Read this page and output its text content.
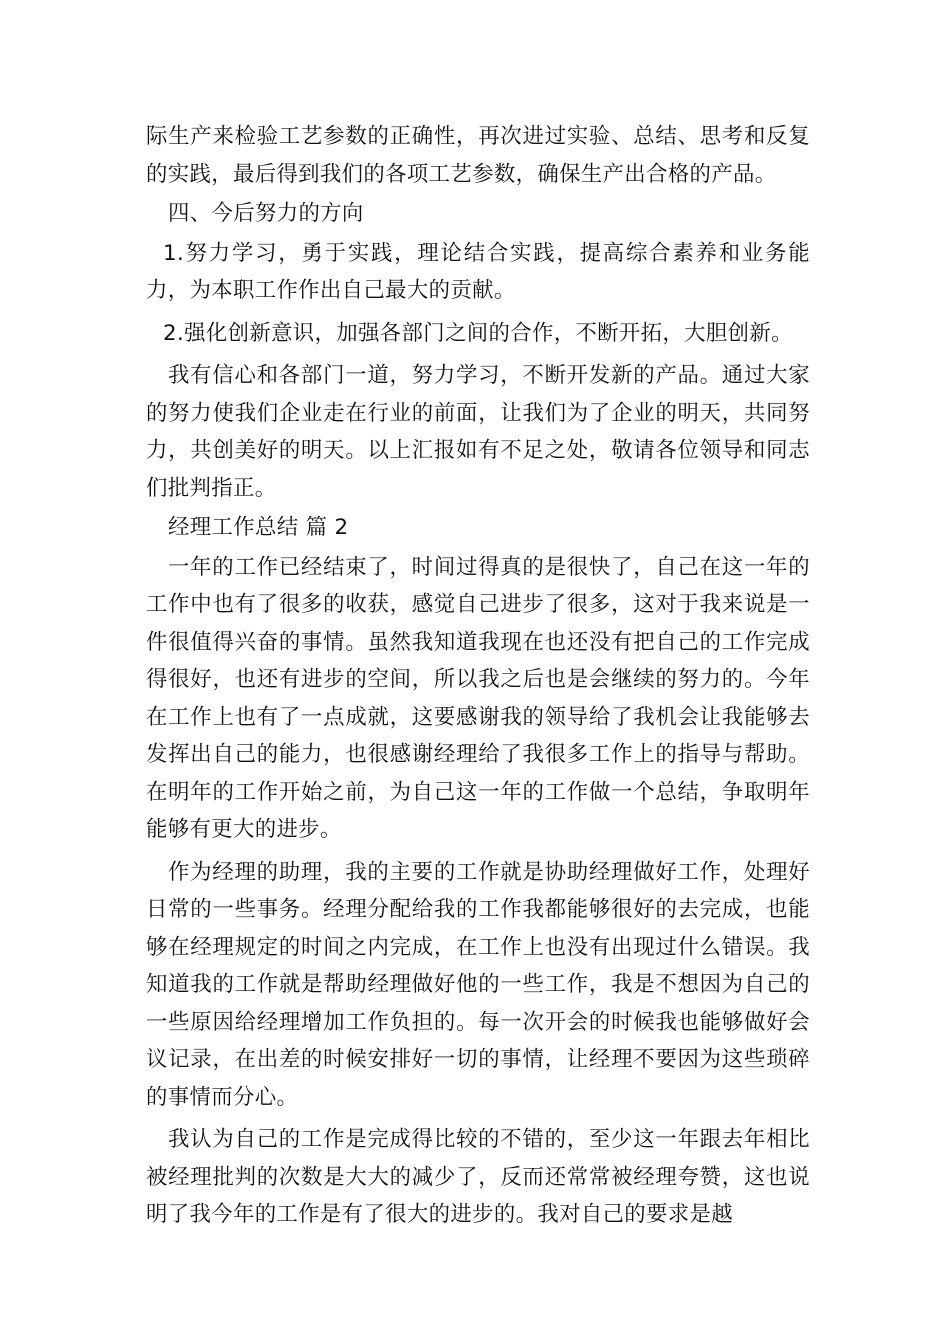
际生产来检验工艺参数的正确性，再次进过实验、总结、思考和反复的实践，最后得到我们的各项工艺参数，确保生产出合格的产品。

四、今后努力的方向

1.努力学习，勇于实践，理论结合实践，提高综合素养和业务能力，为本职工作作出自己最大的贡献。

2.强化创新意识，加强各部门之间的合作，不断开拓，大胆创新。

我有信心和各部门一道，努力学习，不断开发新的产品。通过大家的努力使我们企业走在行业的前面，让我们为了企业的明天，共同努力，共创美好的明天。以上汇报如有不足之处，敬请各位领导和同志们批判指正。

经理工作总结 篇 2

一年的工作已经结束了，时间过得真的是很快了，自己在这一年的工作中也有了很多的收获，感觉自己进步了很多，这对于我来说是一件很值得兴奋的事情。虽然我知道我现在也还没有把自己的工作完成得很好，也还有进步的空间，所以我之后也是会继续的努力的。今年在工作上也有了一点成就，这要感谢我的领导给了我机会让我能够去发挥出自己的能力，也很感谢经理给了我很多工作上的指导与帮助。在明年的工作开始之前，为自己这一年的工作做一个总结，争取明年能够有更大的进步。

作为经理的助理，我的主要的工作就是协助经理做好工作，处理好日常的一些事务。经理分配给我的工作我都能够很好的去完成，也能够在经理规定的时间之内完成，在工作上也没有出现过什么错误。我知道我的工作就是帮助经理做好他的一些工作，我是不想因为自己的一些原因给经理增加工作负担的。每一次开会的时候我也能够做好会议记录，在出差的时候安排好一切的事情，让经理不要因为这些琐碎的事情而分心。

我认为自己的工作是完成得比较的不错的，至少这一年跟去年相比被经理批判的次数是大大的减少了，反而还常常被经理夸赞，这也说明了我今年的工作是有了很大的进步的。我对自己的要求是越
